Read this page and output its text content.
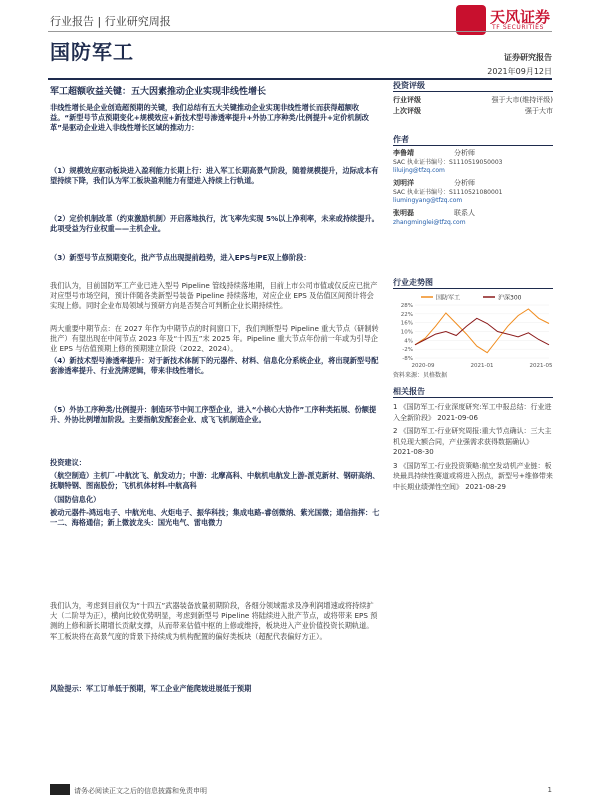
行业报告 | 行业研究周报
国防军工
天风证券
TF SECURITIES
证券研究报告
2021年09月12日
军工超额收益关键：五大因素推动企业实现非线性增长

非线性增长是企业创造超预期的关键，我们总结有五大关键推动企业实现非线性增长而获得超额收益。“新型号节点预期变化+规模效应+新技术型号渗透率提升+外协工序种类/比例提升+定价机制改革”是驱动企业进入非线性增长区域的推动力：

（1）规模效应驱动板块进入盈利能力长期上行：进入军工长期高景气阶段，随着规模提升，边际成本有望持续下降，我们认为军工板块盈利能力有望进入持续上行轨道。

（2）定价机制改革（约束激励机制）开启落地执行，沈飞率先实现 5%以上净利率，未来或持续提升。此项受益为行业权重——主机企业。

（3）新型号节点预期变化，批产节点出现提前趋势，进入EPS与PE双上修阶段：

我们认为，目前国防军工产业已进入型号 Pipeline 管线持续落地期，目前上市公司市值或仅反应已批产对应型号市场空间，预计伴随各类新型号装备 Pipeline 持续落地，对应企业 EPS 及估值区间预计将会实现上修。同时企业布局领域与预研方向是否契合可判断企业长期持续性。

两大重要中期节点：在 2027 年作为中期节点的时间窗口下，我们判断型号 Pipeline 重大节点（研制转批产）有望出现在中间节点 2023 年及“十四五”末 2025 年。Pipeline 重大节点年份前一年或为引导企业 EPS 与估值预期上修的预期建立阶段（2022、2024）。

（4）新技术型号渗透率提升：对于新技术体制下的元器件、材料、信息化分系统企业，将出现新型号配套渗透率提升、行业洗牌逻辑，带来非线性增长。

（5）外协工序种类/比例提升：制造环节中间工序型企业，进入“小核心大协作”工序种类拓展、份额提升、外协比例增加阶段。主要指航发配套企业、成飞飞机制造企业。

投资建议：

（航空制造）主机厂-中航沈飞、航发动力；中游：北摩高科、中航机电航发上游-派克新材、钢研高纳、抚顺特钢、图南股份；飞机机体材料-中航高科

（国防信息化）

被动元器件-鸿远电子、中航光电、火炬电子、振华科技；集成电路-睿创微纳、紫光国微；通信指挥：七一二、海格通信；新上微波龙头：国光电气、雷电微力

我们认为，考虑到目前仅为“十四五”武器装备放量初期阶段，各细分领域需求及净利润增速或将持续扩大（二阶导为正），横向比较优势明显，考虑到新型号 Pipeline 将陆续进入批产节点，或将带来 EPS 预测的上修和新长期增长贡献支撑，从而带来估值中枢的上修或维持，板块进入产业价值投资长期轨道。军工板块将在高景气度的背景下持续成为机构配置的偏好类板块（超配代表偏好方正）。

风险提示：军工订单低于预期，军工企业产能爬坡进展低于预期

投资评级
行业评级	强于大市(维持评级)
上次评级	强于大市
作者
李鲁靖	分析师
SAC 执业证书编号：S1110519050003
liluijng@tfzq.com
刘明洋	分析师
SAC 执业证书编号：S1110521080001
liumingyang@tfzq.com
张明磊	联系人
zhangminglei@tfzq.com
行业走势图
国防军工	沪深300
28%
22%
16%
10%
4%
-2%
-8%
2020-09	2021-01	2021-05
资料来源：贝格数据
相关报告
1 《国防军工-行业深度研究:军工中报总结：行业进入全新阶段》 2021-09-06
2 《国防军工-行业研究周报:重大节点确认：三大主机兑现大额合同，产业强需求获得数据确认》 2021-08-30
3 《国防军工-行业投资策略:航空发动机产业链：板块最具持续性赛道或将进入拐点，新型号+维修带来中长期业绩弹性空间》 2021-08-29
请务必阅读正文之后的信息披露和免责申明	1
